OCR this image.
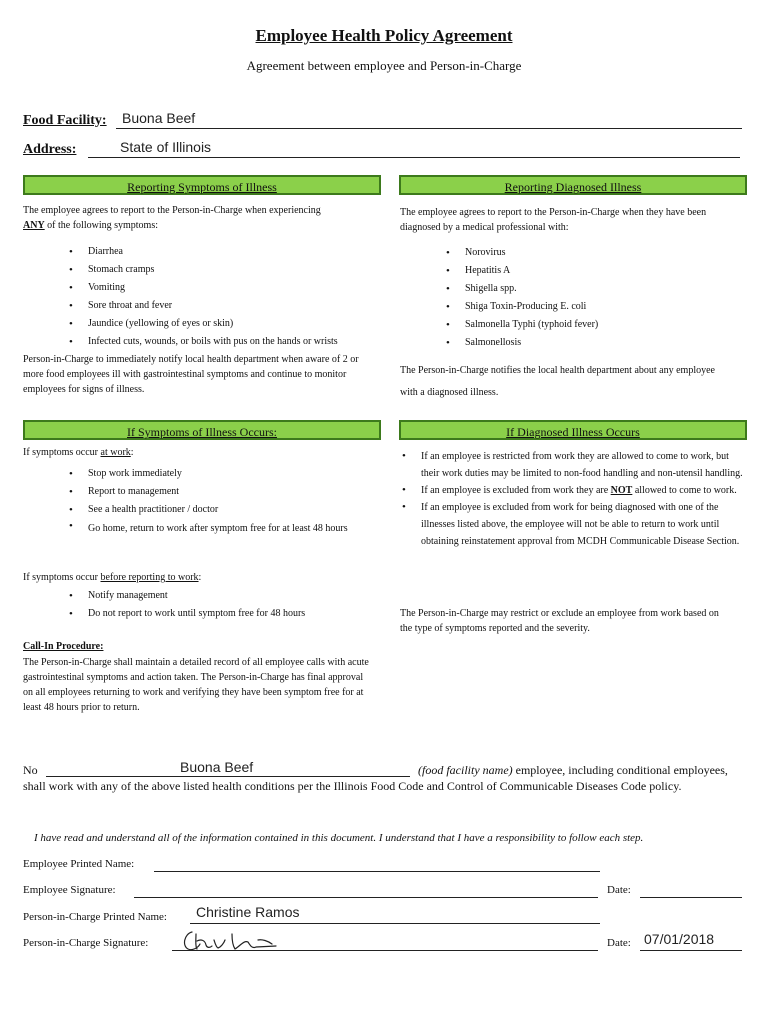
Employee Health Policy Agreement
Agreement between employee and Person-in-Charge
Food Facility: Buona Beef
Address:	State of Illinois
Reporting Symptoms of Illness
The employee agrees to report to the Person-in-Charge when experiencing
ANY of the following symptoms:
• Diarrhea
• Stomach cramps
• Vomiting
• Sore throat and fever
• Jaundice (yellowing of eyes or skin)
• Infected cuts, wounds, or boils with pus on the hands or wrists
Person-in-Charge to immediately notify local health department when aware of 2 or more food employees ill with gastrointestinal symptoms and continue to monitor employees for signs of illness.
Reporting Diagnosed Illness
The employee agrees to report to the Person-in-Charge when they have been diagnosed by a medical professional with:
• Norovirus
• Hepatitis A
• Shigella spp.
• Shiga Toxin-Producing E. coli
• Salmonella Typhi (typhoid fever)
• Salmonellosis
The Person-in-Charge notifies the local health department about any employee with a diagnosed illness.
If Symptoms of Illness Occurs:
If symptoms occur at work:
• Stop work immediately
• Report to management
• See a health practitioner / doctor
• Go home, return to work after symptom free for at least 48 hours
If symptoms occur before reporting to work:
• Notify management
• Do not report to work until symptom free for 48 hours
Call-In Procedure:
The Person-in-Charge shall maintain a detailed record of all employee calls with acute gastrointestinal symptoms and action taken. The Person-in-Charge has final approval on all employees returning to work and verifying they have been symptom free for at least 48 hours prior to return.
If Diagnosed Illness Occurs
• If an employee is restricted from work they are allowed to come to work, but their work duties may be limited to non-food handling and non-utensil handling.
• If an employee is excluded from work they are NOT allowed to come to work.
• If an employee is excluded from work for being diagnosed with one of the illnesses listed above, the employee will not be able to return to work until obtaining reinstatement approval from MCDH Communicable Disease Section.
The Person-in-Charge may restrict or exclude an employee from work based on the type of symptoms reported and the severity.
No	Buona Beef	(food facility name) employee, including conditional employees,
shall work with any of the above listed health conditions per the Illinois Food Code and Control of Communicable Diseases Code policy.
I have read and understand all of the information contained in this document. I understand that I have a responsibility to follow each step.
Employee Printed Name:
Employee Signature:	Date:
Person-in-Charge Printed Name: Christine Ramos
Person-in-Charge Signature:	Date: 07/01/2018
